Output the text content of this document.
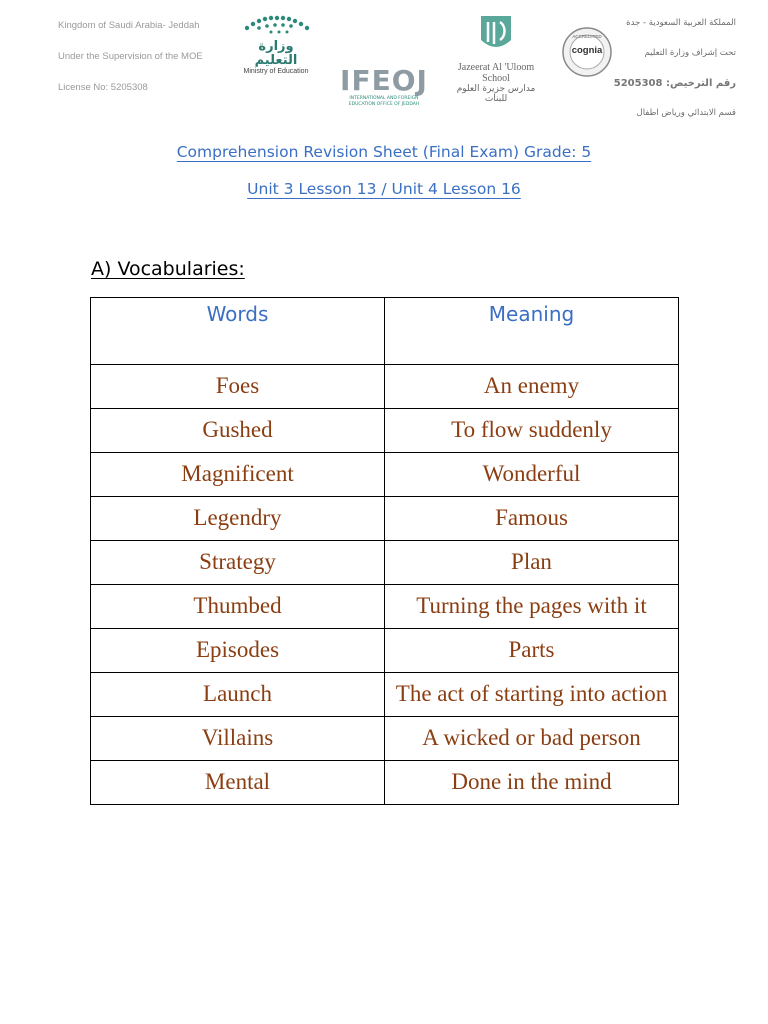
Kingdom of Saudi Arabia- Jeddah
Under the Supervision of the MOE
License No: 5205308
وزارة التعليم
Ministry of Education IFEOJ
INTERNATIONAL AND FOREIGN EDUCATION OFFICE OF JEDDAH
Jazeerat Al 'Uloom School
مدارس جزيرة العلوم للبنات
ACCREDITED
cognia
المملكة العربية السعودية - جدة
تحت إشراف وزارة التعليم
رقم الترخيص: 5205308
قسم الابتدائي ورياض اطفال
Comprehension Revision Sheet (Final Exam) Grade: 5
Unit 3 Lesson 13 / Unit 4 Lesson 16
A) Vocabularies:
Words	Meaning
Foes	An enemy
Gushed	To flow suddenly
Magnificent	Wonderful
Legendry	Famous
Strategy	Plan
Thumbed	Turning the pages with it
Episodes	Parts
Launch	The act of starting into action
Villains	A wicked or bad person
Mental	Done in the mind
